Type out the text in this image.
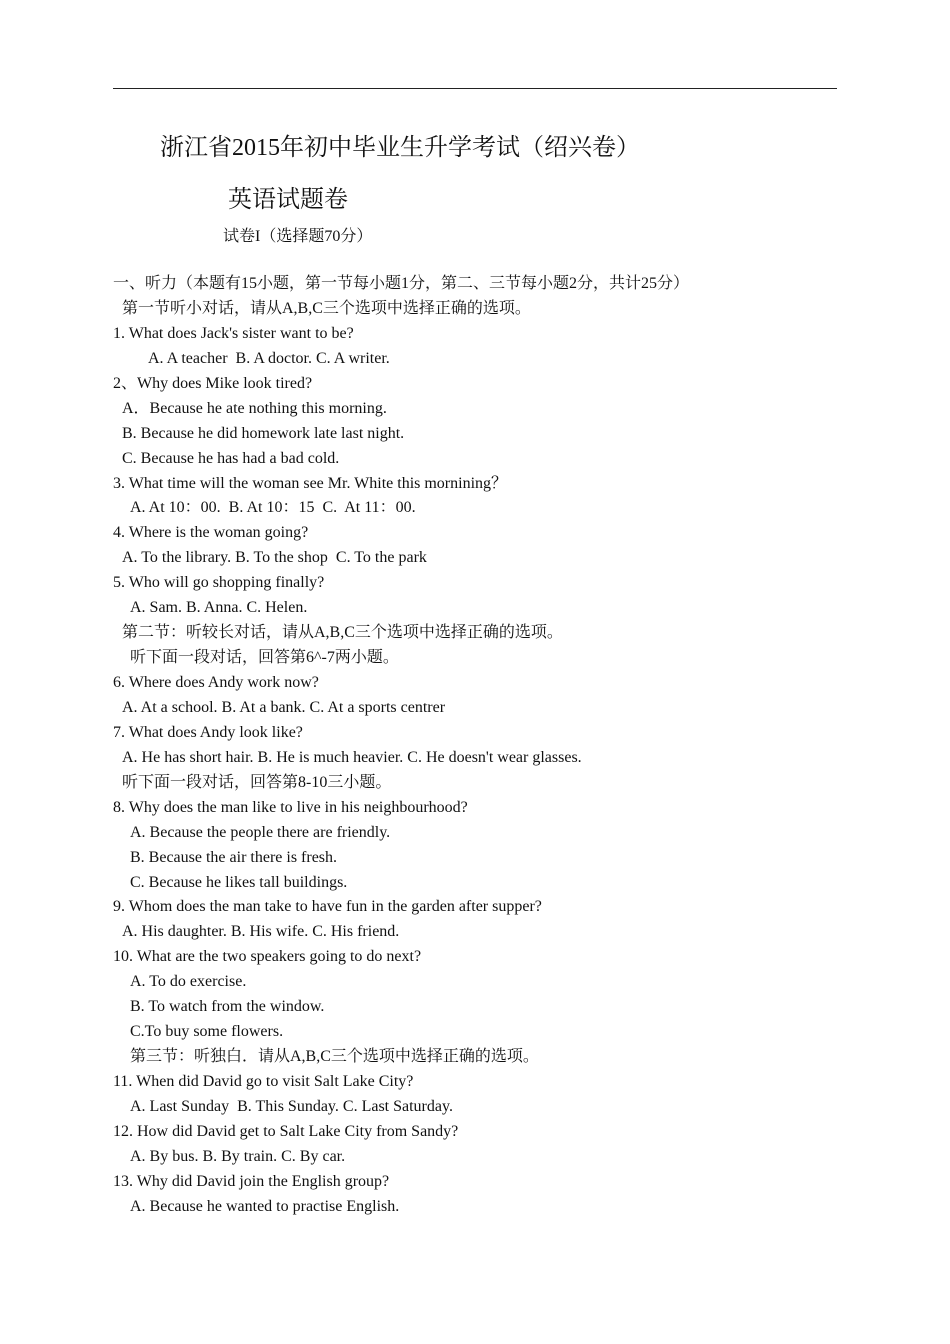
浙江省2015年初中毕业生升学考试（绍兴卷）
英语试题卷
试卷I（选择题70分）
一、听力（本题有15小题，第一节每小题1分，第二、三节每小题2分，共计25分）
第一节听小对话，请从A,B,C三个选项中选择正确的选项。
1. What does Jack's sister want to be?
A. A teacher  B. A doctor. C. A writer.
2、Why does Mike look tired?
A．Because he ate nothing this morning.
B. Because he did homework late last night.
C. Because he has had a bad cold.
3. What time will the woman see Mr. White this mornining？
A. At 10：00.  B. At 10：15  C.  At 11：00.
4. Where is the woman going?
A. To the library. B. To the shop  C. To the park
5. Who will go shopping finally?
A. Sam. B. Anna. C. Helen.
第二节：听较长对话，请从A,B,C三个选项中选择正确的选项。
听下面一段对话，回答第6^-7两小题。
6. Where does Andy work now?
A. At a school. B. At a bank. C. At a sports centrer
7. What does Andy look like?
A. He has short hair. B. He is much heavier. C. He doesn't wear glasses.
听下面一段对话，回答第8-10三小题。
8. Why does the man like to live in his neighbourhood?
A. Because the people there are friendly.
B. Because the air there is fresh.
C. Because he likes tall buildings.
9. Whom does the man take to have fun in the garden after supper?
A. His daughter. B. His wife. C. His friend.
10. What are the two speakers going to do next?
A. To do exercise.
B. To watch from the window.
C.To buy some flowers.
第三节：听独白．请从A,B,C三个选项中选择正确的选项。
11. When did David go to visit Salt Lake City?
A. Last Sunday  B. This Sunday. C. Last Saturday.
12. How did David get to Salt Lake City from Sandy?
A. By bus. B. By train. C. By car.
13. Why did David join the English group?
A. Because he wanted to practise English.
